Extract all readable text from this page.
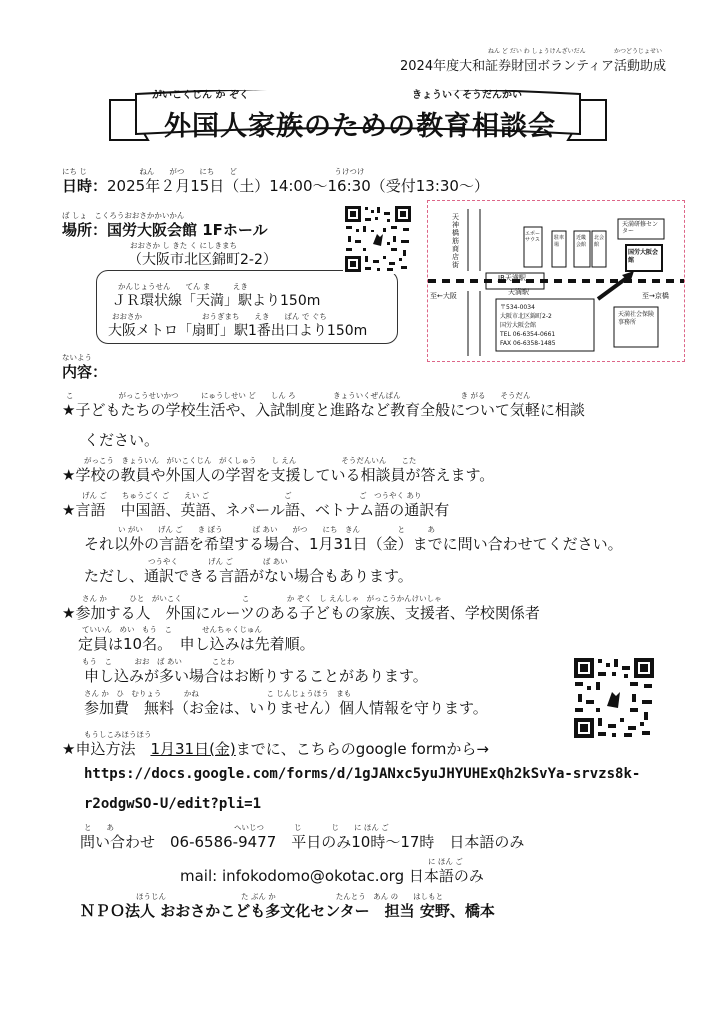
ねん ど だい わ しょうけんざいだん	かつどうじょせい
2024年度大和証券財団ボランティア活動助成
がいこくじん か ぞく	きょういくそうだんかい
外国人家族のための教育相談会
にち じ　　　　　　　ねん　　がつ　　にち　　ど　　　　　　　　　　　　　うけつけ
日時：2025年２月15日（土）14:00～16:30（受付13:30～）
ば しょ　こくろうおおさかかいかん
場所：国労大阪会館 1Fホール
おおさか し きた く にしきまち
（大阪市北区錦町2-2）
かんじょうせん　　てん ま　　　えき
ＪＲ環状線「天満」駅より150m
おおさか　　　　　　　　おうぎまち　　えき　　ばん で ぐち
大阪メトロ「扇町」駅1番出口より150m
天神橋筋商店街
JR天満駅
天満駅
至←大阪	至→京橋
天満研修センター
国労大阪会館
天満社会保険事務所
エポーサウス	駐車場
近畿会館
北会館
〒534-0034
大阪市北区錦町2-2
国労大阪会館
TEL 06-6354-0661
FAX 06-6358-1485
ないよう
内容：
こ　　　　　　がっこうせいかつ　　　にゅうしせい ど　　しん ろ　　　　　きょういくぜんぱん　　　　　　　　き がる　　そうだん
★子どもたちの学校生活や、入試制度と進路など教育全般について気軽に相談
ください。
がっこう　きょういん　がいこくじん　がくしゅう　　し えん　　　　　　そうだんいん　　こた
★学校の教員や外国人の学習を支援している相談員が答えます。
げん ご　　ちゅうごく ご　　えい ご　　　　　　　　　　ご　　　　　　　　　ご　つうやく あり
★言語　中国語、英語、ネパール語、ベトナム語の通訳有
い がい　　げん ご　　き ぼう　　　　ば あい　　がつ　　にち　きん　　　　　と　　　あ
それ以外の言語を希望する場合、1月31日（金）までに問い合わせてください。
つうやく　　　　げん ご　　　　ば あい
ただし、通訳できる言語がない場合もあります。
さん か　　　ひと　がいこく　　　　　　　　こ　　　　　か ぞく　し えんしゃ　がっこうかんけいしゃ
★参加する人　外国にルーツのある子どもの家族、支援者、学校関係者
ていいん　めい　もう　こ　　　　せんちゃくじゅん
定員は10名。　申し込みは先着順。
もう　こ　　　おお　ば あい　　　　ことわ
申し込みが多い場合はお断りすることがあります。
さん か　ひ　むりょう　　　かね　　　　　　　　　こ じんじょうほう　まも
参加費　無料（お金は、いりません）個人情報を守ります。
もうしこみほうほう
★申込方法　1月31日(金)までに、こちらのgoogle formから→
https://docs.google.com/forms/d/1gJANxc5yuJHYUHExQh2kSvYa-srvzs8k-
r2odgwSO-U/edit?pli=1
と　　あ　　　　　　　　　　　　　　　　へいじつ　　　　じ　　　　じ　　に ほん ご
問い合わせ　06-6586-9477　平日のみ10時～17時　日本語のみ
に ほん ご
mail: infokodomo@okotac.org 日本語のみ
ほうじん　　　　　　　　　　た ぶん か　　　　　　　　たんとう　あん の　　はしもと
ＮＰＯ法人 おおさかこども多文化センター　担当 安野、橋本
